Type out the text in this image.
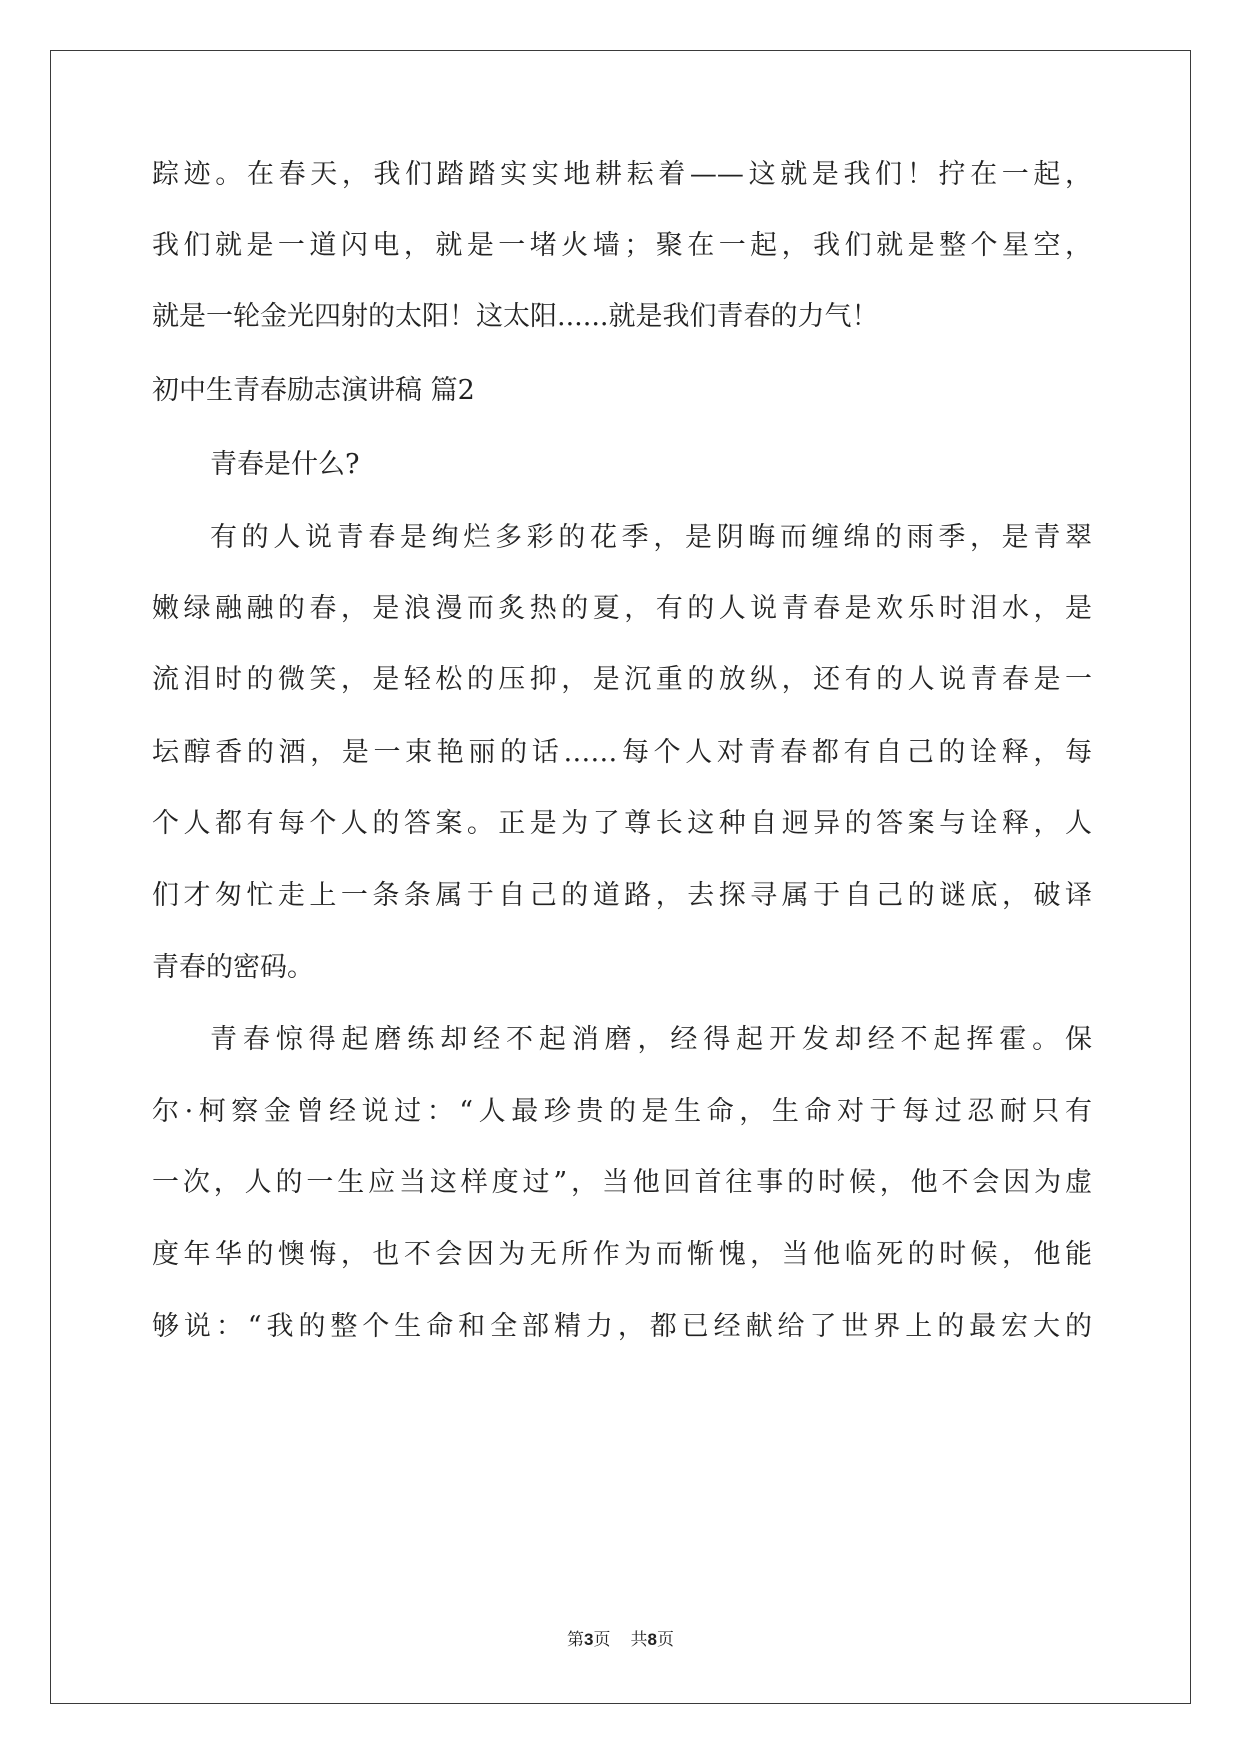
踪迹。在春天，我们踏踏实实地耕耘着——这就是我们！拧在一起，

我们就是一道闪电，就是一堵火墙；聚在一起，我们就是整个星空，

就是一轮金光四射的太阳！这太阳......就是我们青春的力气！

初中生青春励志演讲稿 篇2

青春是什么?

有的人说青春是绚烂多彩的花季，是阴晦而缠绵的雨季，是青翠

嫩绿融融的春，是浪漫而炙热的夏，有的人说青春是欢乐时泪水，是

流泪时的微笑，是轻松的压抑，是沉重的放纵，还有的人说青春是一

坛醇香的酒，是一束艳丽的话……每个人对青春都有自己的诠释，每

个人都有每个人的答案。正是为了尊长这种自迥异的答案与诠释，人

们才匆忙走上一条条属于自己的道路，去探寻属于自己的谜底，破译

青春的密码。

青春惊得起磨练却经不起消磨，经得起开发却经不起挥霍。保

尔·柯察金曾经说过：“人最珍贵的是生命，生命对于每过忍耐只有

一次，人的一生应当这样度过”，当他回首往事的时候，他不会因为虚

度年华的懊悔，也不会因为无所作为而惭愧，当他临死的时候，他能

够说：“我的整个生命和全部精力，都已经献给了世界上的最宏大的

第3页 共8页
